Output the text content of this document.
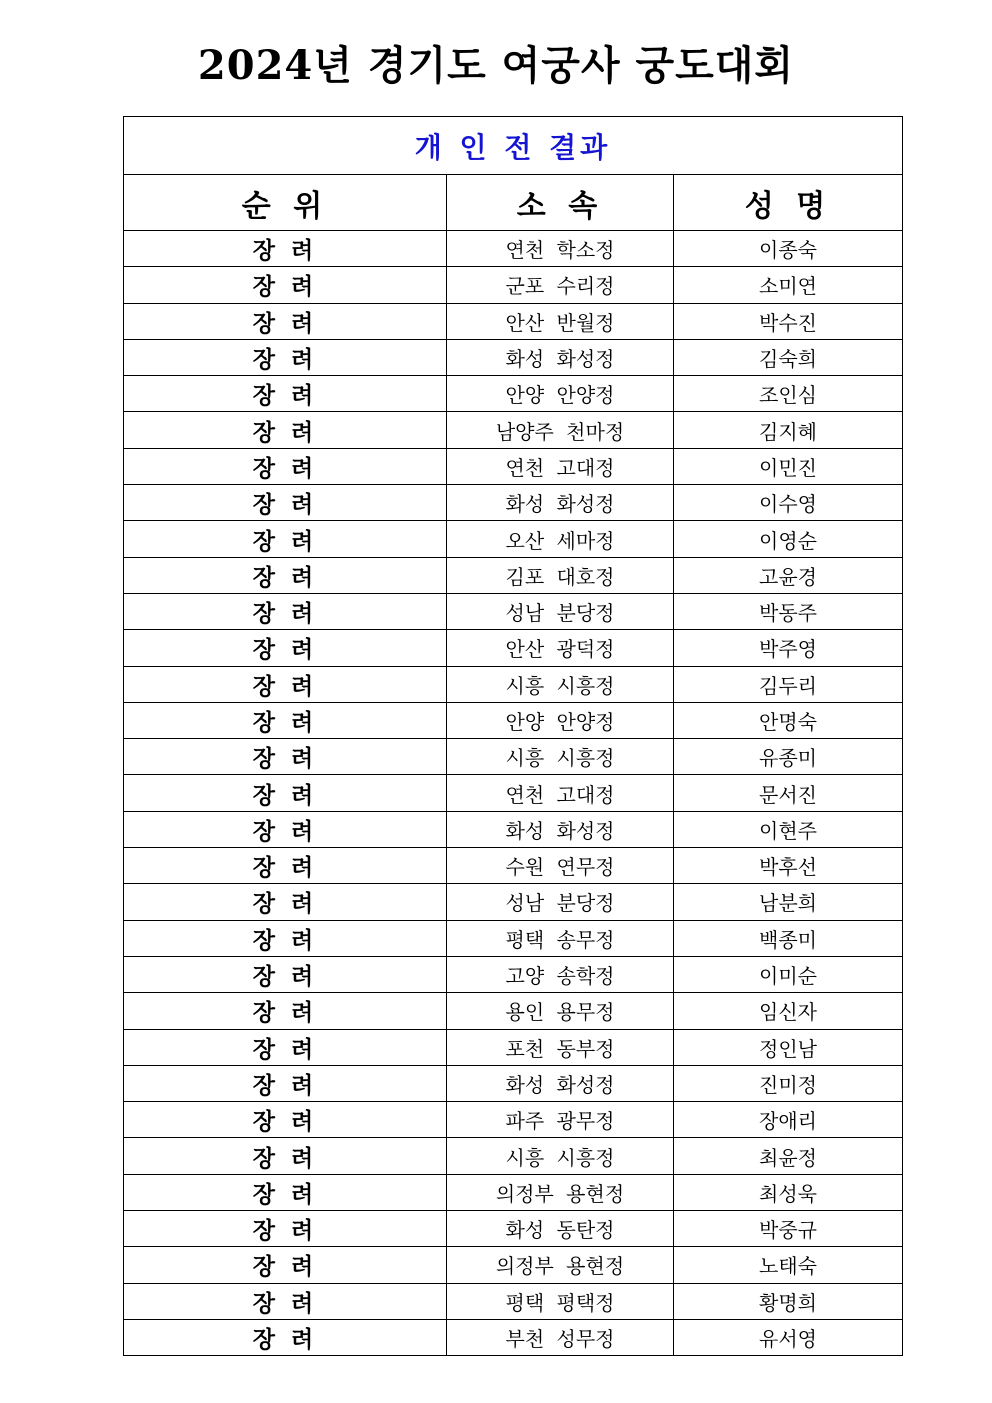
2024년 경기도 여궁사 궁도대회
개 인 전 결과		
순 위	소 속	성 명
장 려	연천 학소정	이종숙
장 려	군포 수리정	소미연
장 려	안산 반월정	박수진
장 려	화성 화성정	김숙희
장 려	안양 안양정	조인심
장 려	남양주 천마정	김지혜
장 려	연천 고대정	이민진
장 려	화성 화성정	이수영
장 려	오산 세마정	이영순
장 려	김포 대호정	고윤경
장 려	성남 분당정	박동주
장 려	안산 광덕정	박주영
장 려	시흥 시흥정	김두리
장 려	안양 안양정	안명숙
장 려	시흥 시흥정	유종미
장 려	연천 고대정	문서진
장 려	화성 화성정	이현주
장 려	수원 연무정	박후선
장 려	성남 분당정	남분희
장 려	평택 송무정	백종미
장 려	고양 송학정	이미순
장 려	용인 용무정	임신자
장 려	포천 동부정	정인남
장 려	화성 화성정	진미정
장 려	파주 광무정	장애리
장 려	시흥 시흥정	최윤정
장 려	의정부 용현정	최성욱
장 려	화성 동탄정	박중규
장 려	의정부 용현정	노태숙
장 려	평택 평택정	황명희
장 려	부천 성무정	유서영
